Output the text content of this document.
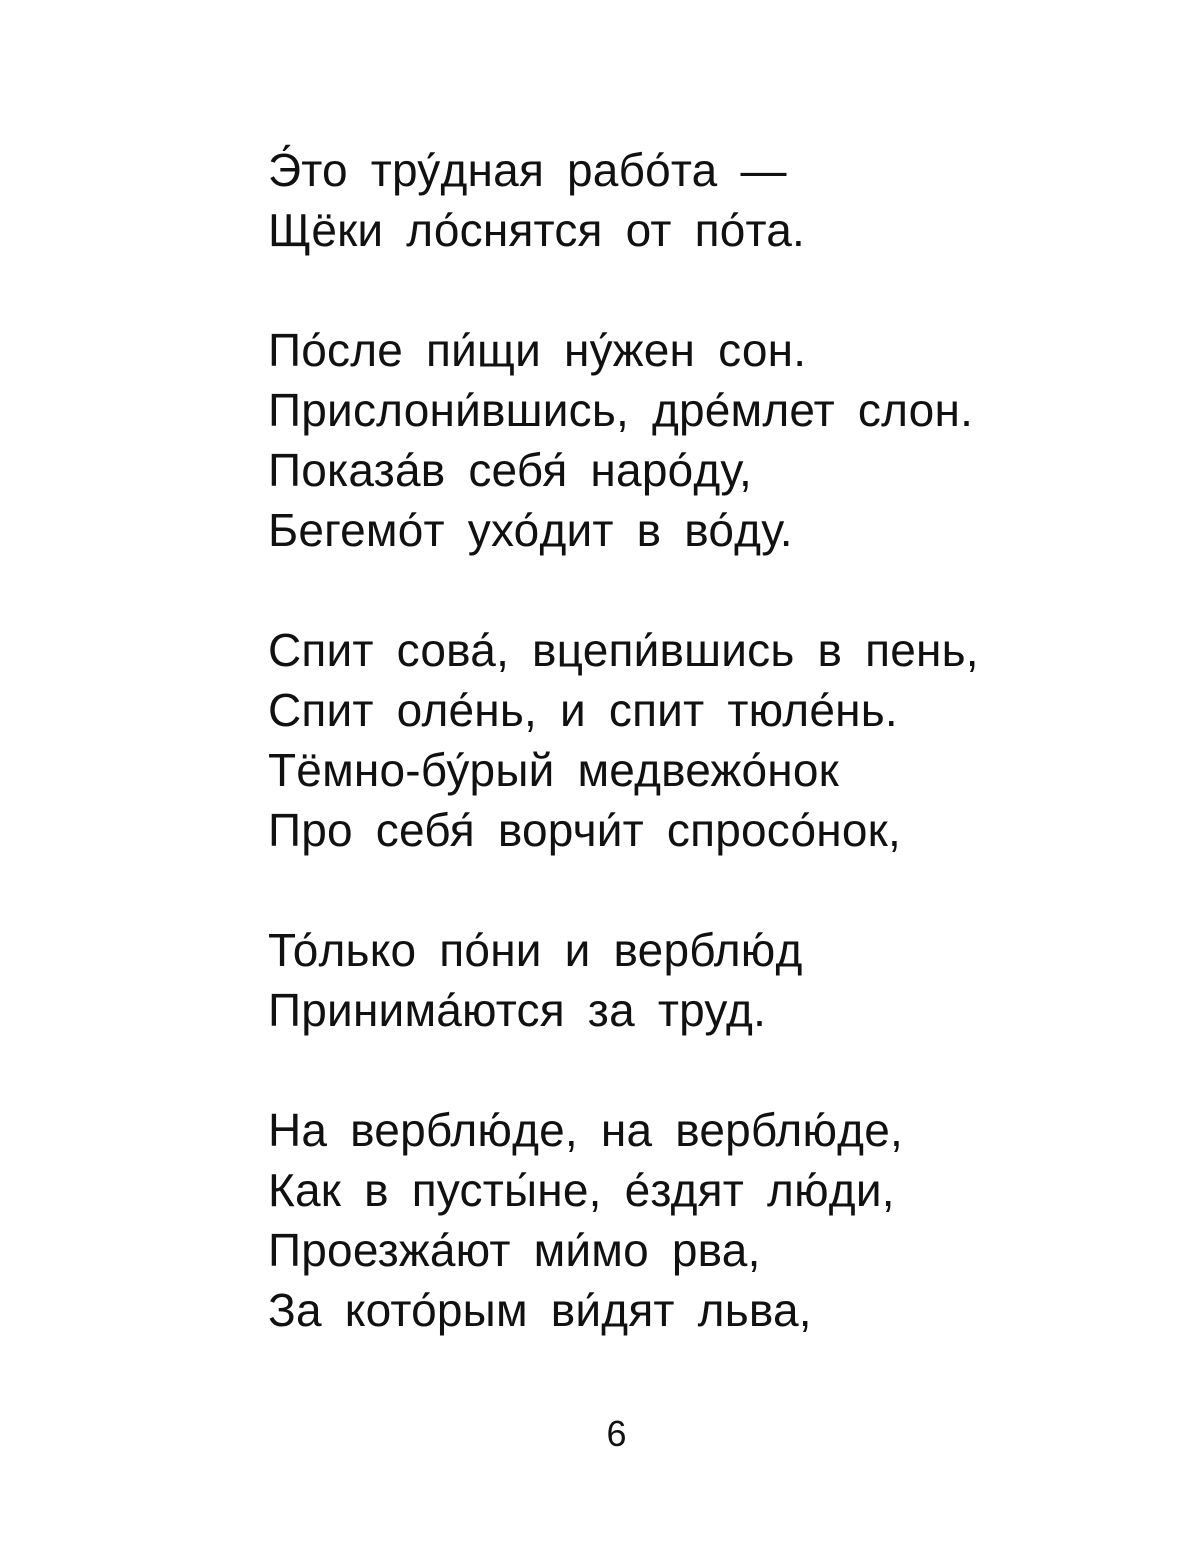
Э́то тру́дная рабо́та —
Щёки ло́снятся от по́та.
По́сле пи́щи ну́жен сон.
Прислони́вшись, дре́млет слон.
Показа́в себя́ наро́ду,
Бегемо́т ухо́дит в во́ду.
Спит сова́, вцепи́вшись в пень,
Спит оле́нь, и спит тюле́нь.
Тёмно-бу́рый медвежо́нок
Про себя́ ворчи́т спросо́нок,
То́лько по́ни и верблю́д
Принима́ются за труд.
На верблю́де, на верблю́де,
Как в пусты́не, е́здят лю́ди,
Проезжа́ют ми́мо рва,
За кото́рым ви́дят льва,
6
